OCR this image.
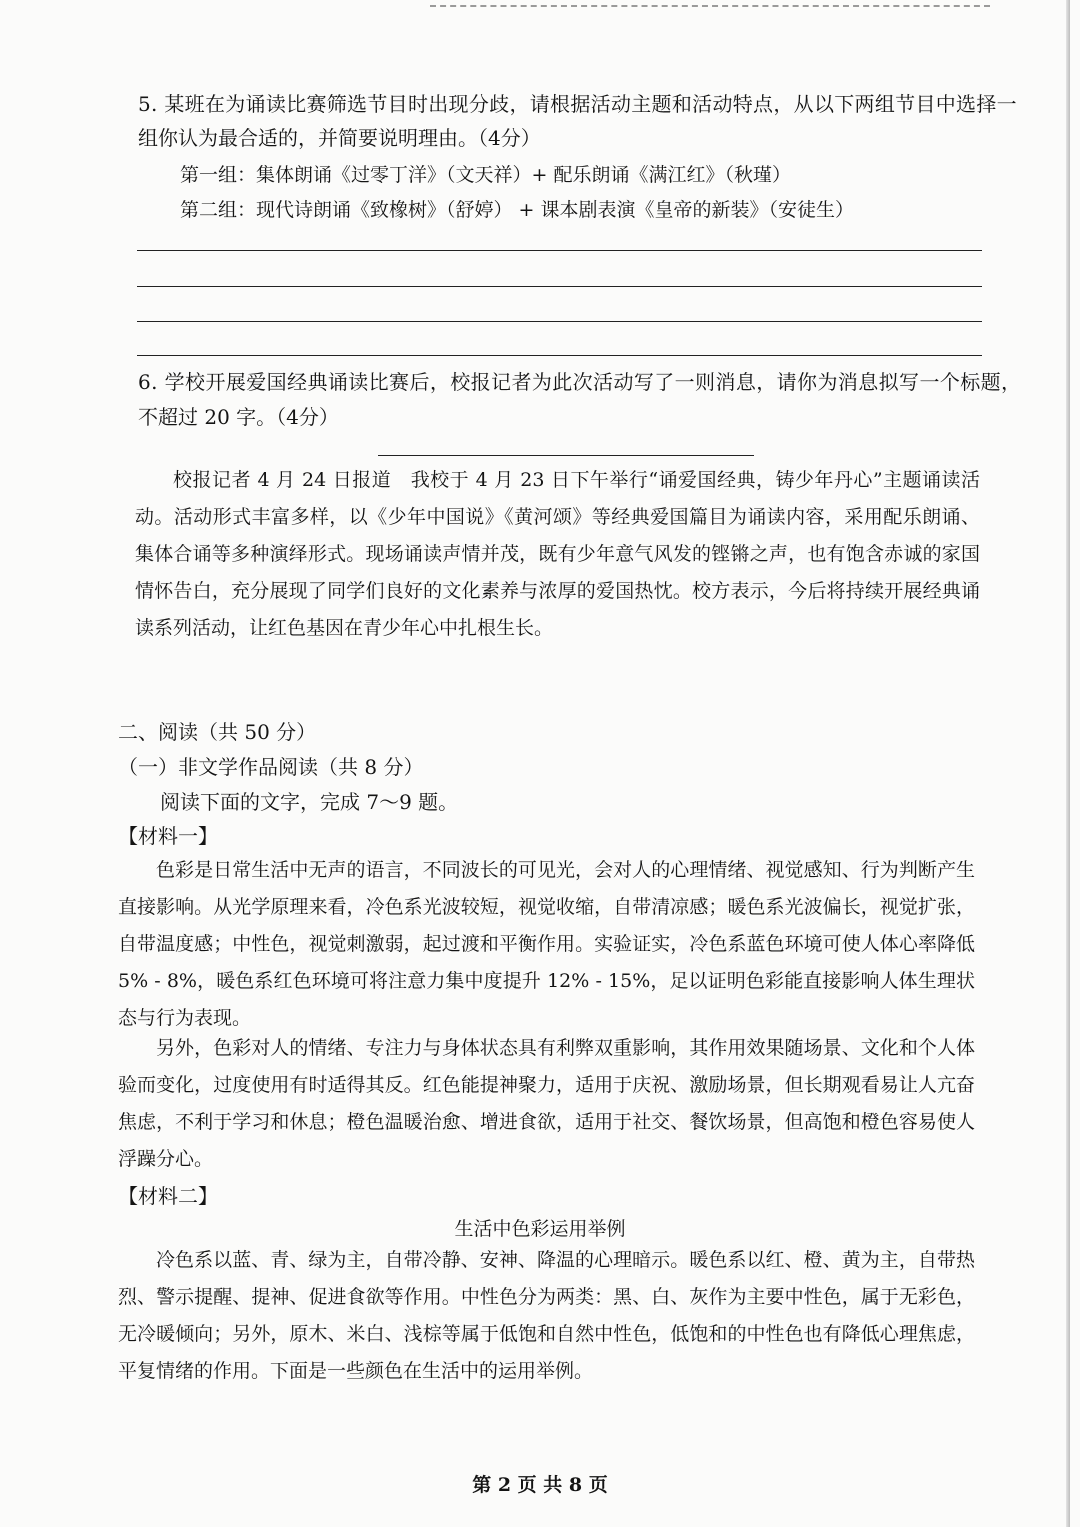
5. 某班在为诵读比赛筛选节目时出现分歧，请根据活动主题和活动特点，从以下两组节目中选择一

组你认为最合适的，并简要说明理由。（4分）

第一组：集体朗诵《过零丁洋》（文天祥）+ 配乐朗诵《满江红》（秋瑾）

第二组：现代诗朗诵《致橡树》（舒婷） + 课本剧表演《皇帝的新装》（安徒生）

6. 学校开展爱国经典诵读比赛后，校报记者为此次活动写了一则消息，请你为消息拟写一个标题，

不超过 20 字。（4分）

校报记者 4 月 24 日报道　我校于 4 月 23 日下午举行“诵爱国经典，铸少年丹心”主题诵读活动。活动形式丰富多样，以《少年中国说》《黄河颂》等经典爱国篇目为诵读内容，采用配乐朗诵、集体合诵等多种演绎形式。现场诵读声情并茂，既有少年意气风发的铿锵之声，也有饱含赤诚的家国情怀告白，充分展现了同学们良好的文化素养与浓厚的爱国热忱。校方表示，今后将持续开展经典诵读系列活动，让红色基因在青少年心中扎根生长。

二、阅读（共 50 分）

（一）非文学作品阅读（共 8 分）

阅读下面的文字，完成 7～9 题。

【材料一】

色彩是日常生活中无声的语言，不同波长的可见光，会对人的心理情绪、视觉感知、行为判断产生直接影响。从光学原理来看，冷色系光波较短，视觉收缩，自带清凉感；暖色系光波偏长，视觉扩张，自带温度感；中性色，视觉刺激弱，起过渡和平衡作用。实验证实，冷色系蓝色环境可使人体心率降低 5% - 8%，暖色系红色环境可将注意力集中度提升 12% - 15%，足以证明色彩能直接影响人体生理状态与行为表现。

另外，色彩对人的情绪、专注力与身体状态具有利弊双重影响，其作用效果随场景、文化和个人体验而变化，过度使用有时适得其反。红色能提神聚力，适用于庆祝、激励场景，但长期观看易让人亢奋焦虑，不利于学习和休息；橙色温暖治愈、增进食欲，适用于社交、餐饮场景，但高饱和橙色容易使人浮躁分心。

【材料二】

生活中色彩运用举例

冷色系以蓝、青、绿为主，自带冷静、安神、降温的心理暗示。暖色系以红、橙、黄为主，自带热烈、警示提醒、提神、促进食欲等作用。中性色分为两类：黑、白、灰作为主要中性色，属于无彩色，无冷暖倾向；另外，原木、米白、浅棕等属于低饱和自然中性色，低饱和的中性色也有降低心理焦虑，平复情绪的作用。下面是一些颜色在生活中的运用举例。

第 2 页 共 8 页
